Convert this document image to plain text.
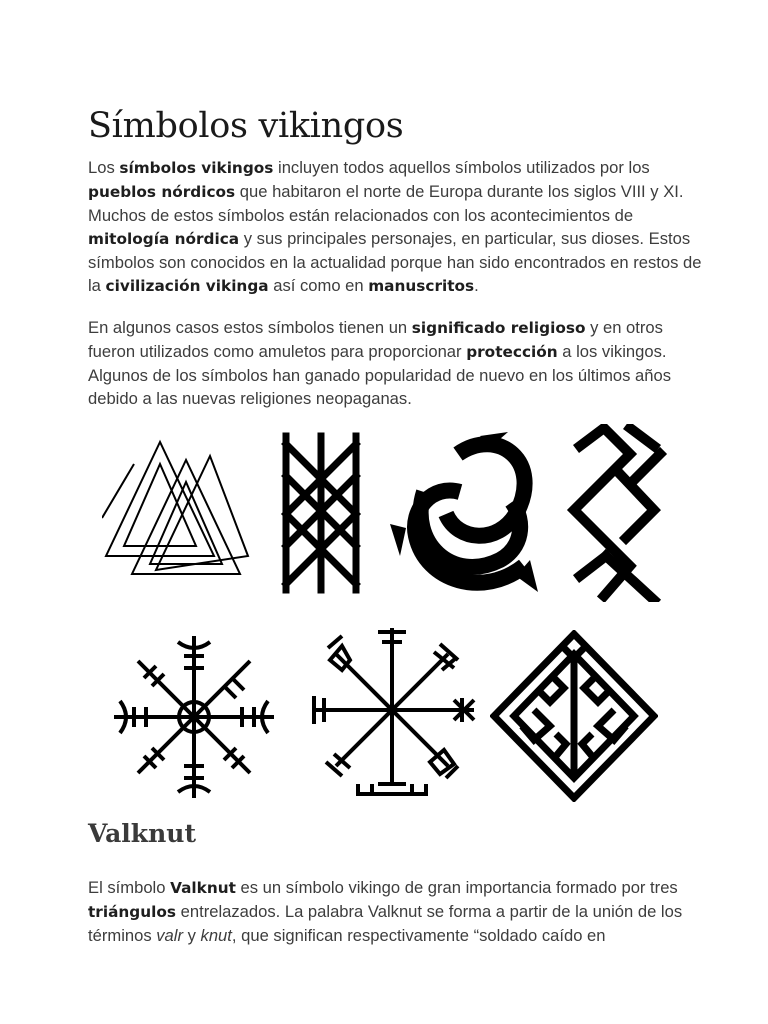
Símbolos vikingos

Los símbolos vikingos incluyen todos aquellos símbolos utilizados por los pueblos nórdicos que habitaron el norte de Europa durante los siglos VIII y XI. Muchos de estos símbolos están relacionados con los acontecimientos de mitología nórdica y sus principales personajes, en particular, sus dioses. Estos símbolos son conocidos en la actualidad porque han sido encontrados en restos de la civilización vikinga así como en manuscritos.

En algunos casos estos símbolos tienen un significado religioso y en otros fueron utilizados como amuletos para proporcionar protección a los vikingos. Algunos de los símbolos han ganado popularidad de nuevo en los últimos años debido a las nuevas religiones neopaganas.

Valknut

El símbolo Valknut es un símbolo vikingo de gran importancia formado por tres triángulos entrelazados. La palabra Valknut se forma a partir de la unión de los términos valr y knut, que significan respectivamente “soldado caído en
